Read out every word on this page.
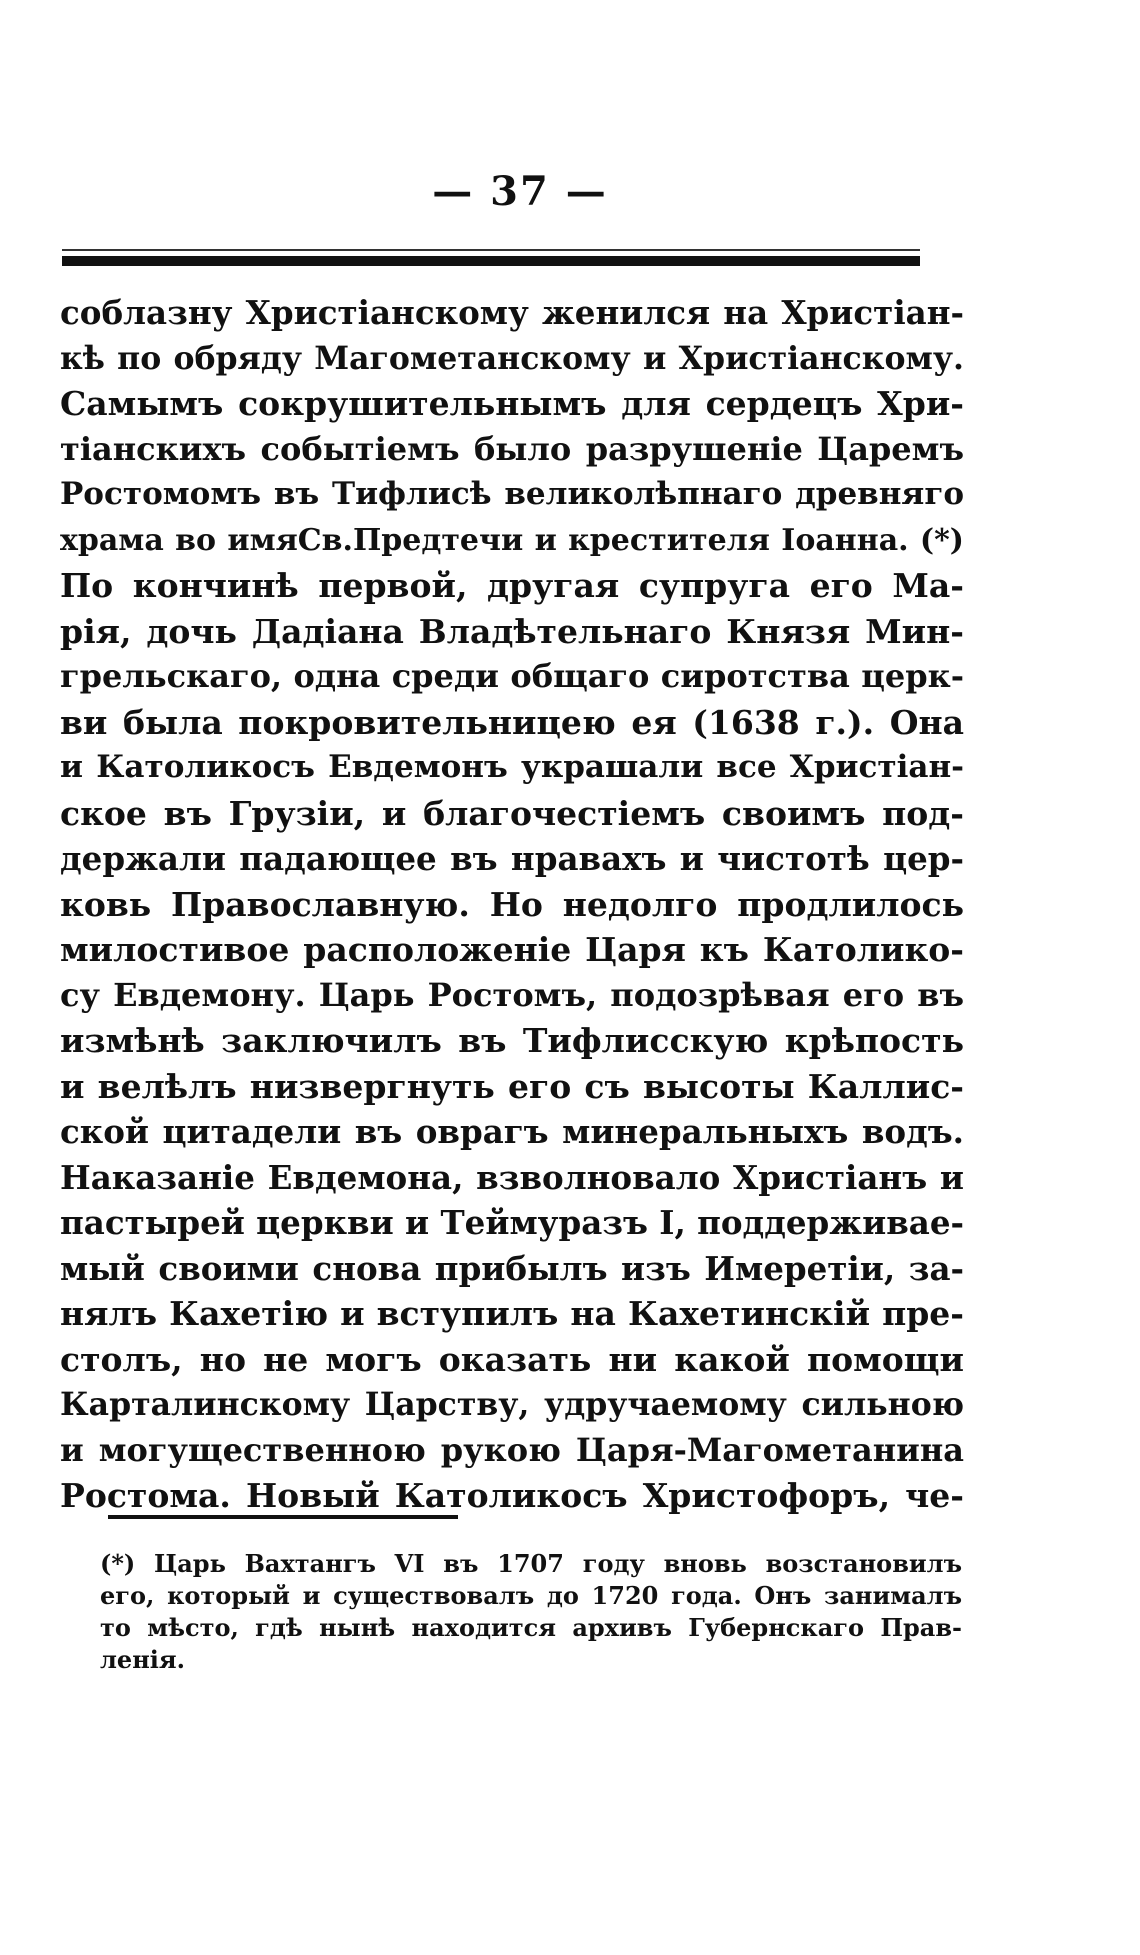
— 37 —
соблазну Христіанскому женился на Христіан-
кѣ по обряду Магометанскому и Христіанскому.
Самымъ сокрушительнымъ для сердецъ Хри-
тіанскихъ событіемъ было разрушеніе Царемъ
Ростомомъ въ Тифлисѣ великолѣпнаго древняго
храма во имяСв.Предтечи и крестителя Іоанна. (*)
По кончинѣ первой, другая супруга его Ма-
рія, дочь Дадіана Владѣтельнаго Князя Мин-
грельскаго, одна среди общаго сиротства церк-
ви была покровительницею ея (1638 г.). Она
и Католикосъ Евдемонъ украшали все Христіан-
ское въ Грузіи, и благочестіемъ своимъ под-
держали падающее въ нравахъ и чистотѣ цер-
ковь Православную. Но недолго продлилось
милостивое расположеніе Царя къ Католико-
су Евдемону. Царь Ростомъ, подозрѣвая его въ
измѣнѣ заключилъ въ Тифлисскую крѣпость
и велѣлъ низвергнуть его съ высоты Каллис-
ской цитадели въ оврагъ минеральныхъ водъ.
Наказаніе Евдемона, взволновало Христіанъ и
пастырей церкви и Теймуразъ I, поддерживае-
мый своими снова прибылъ изъ Имеретіи, за-
нялъ Кахетію и вступилъ на Кахетинскій пре-
столъ, но не могъ оказать ни какой помощи
Карталинскому Царству, удручаемому сильною
и могущественною рукою Царя-Магометанина
Ростома. Новый Католикосъ Христофоръ, че-
(*) Царь Вахтангъ VI въ 1707 году вновь возстановилъ
его, который и существовалъ до 1720 года. Онъ занималъ
то мѣсто, гдѣ нынѣ находится архивъ Губернскаго Прав-
ленія.
